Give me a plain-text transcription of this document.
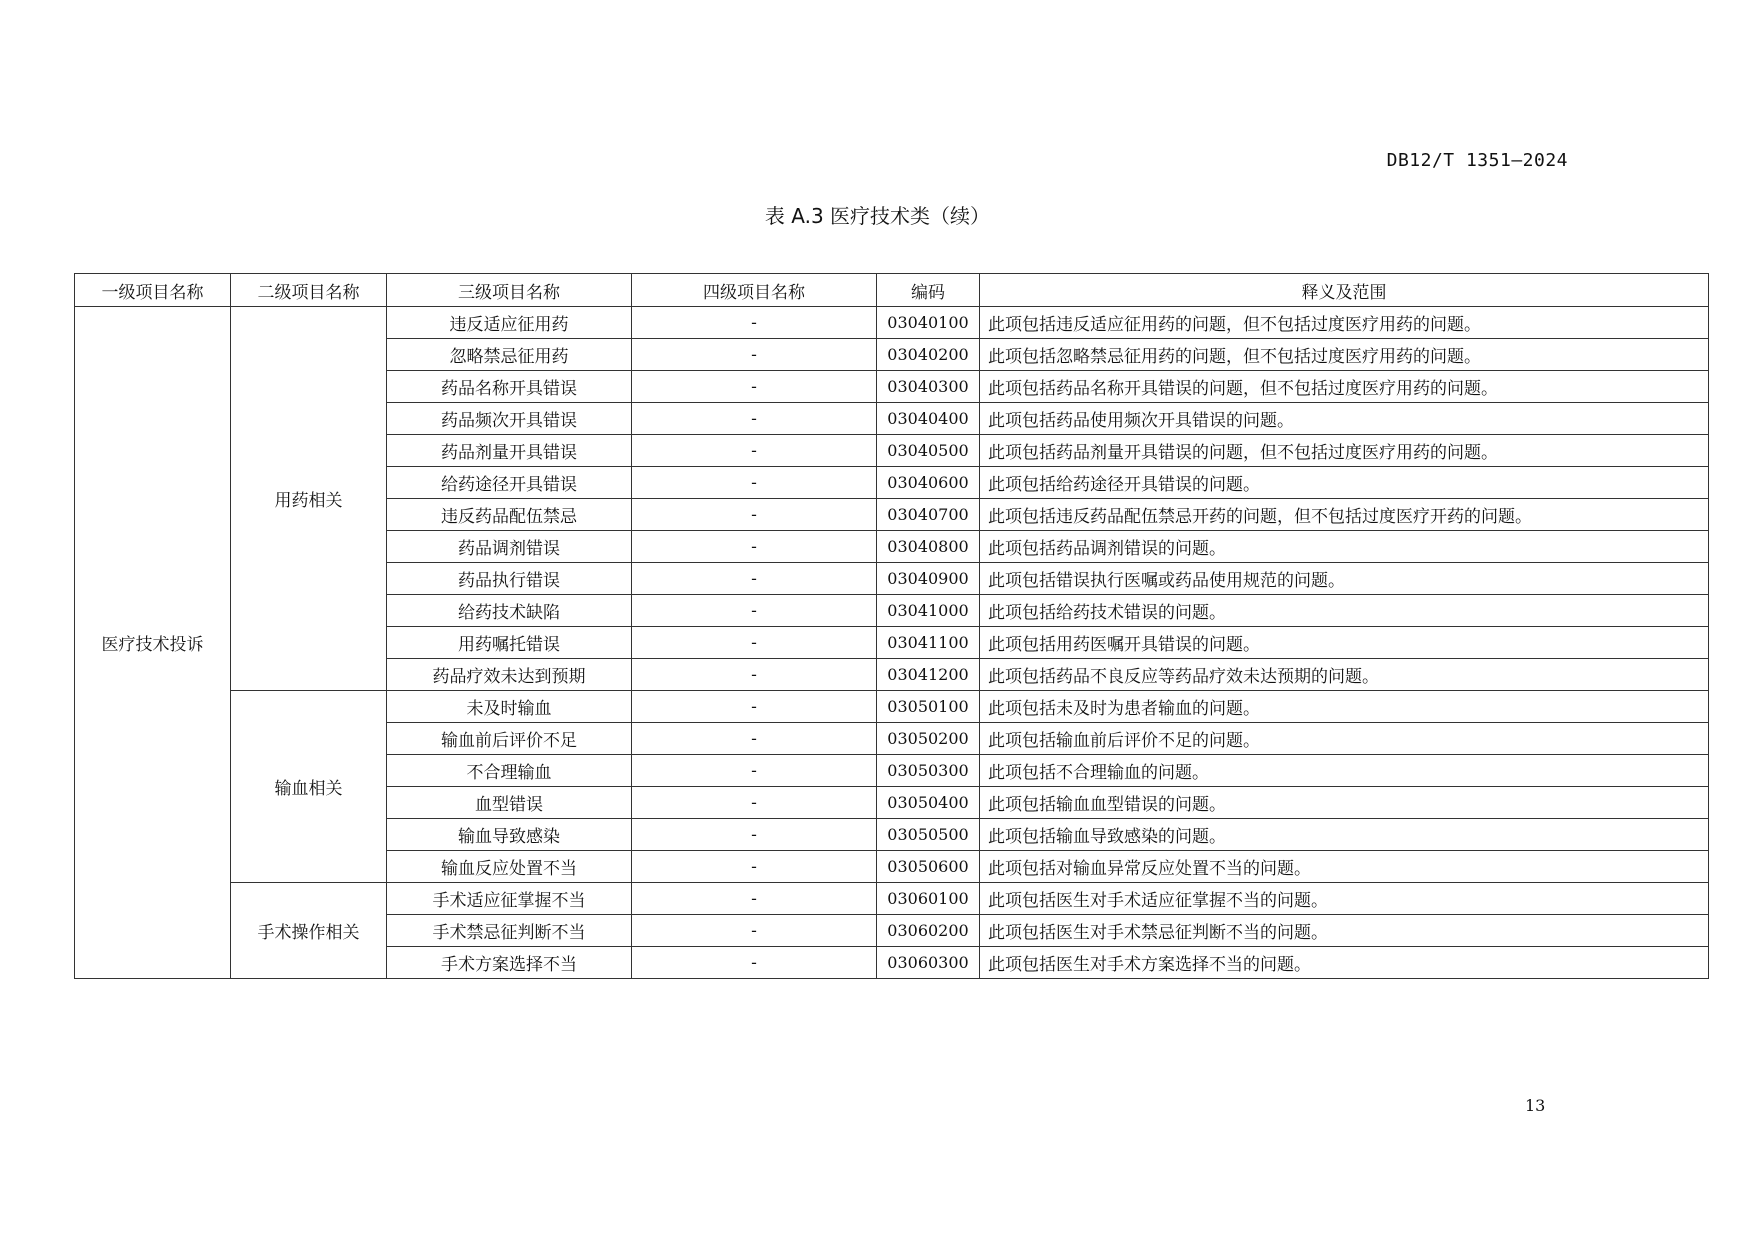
DB12/T 1351—2024
表 A.3 医疗技术类（续）
一级项目名称	二级项目名称	三级项目名称	四级项目名称	编码	释义及范围
医疗技术投诉	用药相关	违反适应征用药	-	03040100	此项包括违反适应征用药的问题，但不包括过度医疗用药的问题。
		忽略禁忌征用药	-	03040200	此项包括忽略禁忌征用药的问题，但不包括过度医疗用药的问题。
		药品名称开具错误	-	03040300	此项包括药品名称开具错误的问题，但不包括过度医疗用药的问题。
		药品频次开具错误	-	03040400	此项包括药品使用频次开具错误的问题。
		药品剂量开具错误	-	03040500	此项包括药品剂量开具错误的问题，但不包括过度医疗用药的问题。
		给药途径开具错误	-	03040600	此项包括给药途径开具错误的问题。
		违反药品配伍禁忌	-	03040700	此项包括违反药品配伍禁忌开药的问题，但不包括过度医疗开药的问题。
		药品调剂错误	-	03040800	此项包括药品调剂错误的问题。
		药品执行错误	-	03040900	此项包括错误执行医嘱或药品使用规范的问题。
		给药技术缺陷	-	03041000	此项包括给药技术错误的问题。
		用药嘱托错误	-	03041100	此项包括用药医嘱开具错误的问题。
		药品疗效未达到预期	-	03041200	此项包括药品不良反应等药品疗效未达预期的问题。
	输血相关	未及时输血	-	03050100	此项包括未及时为患者输血的问题。
		输血前后评价不足	-	03050200	此项包括输血前后评价不足的问题。
		不合理输血	-	03050300	此项包括不合理输血的问题。
		血型错误	-	03050400	此项包括输血血型错误的问题。
		输血导致感染	-	03050500	此项包括输血导致感染的问题。
		输血反应处置不当	-	03050600	此项包括对输血异常反应处置不当的问题。
	手术操作相关	手术适应征掌握不当	-	03060100	此项包括医生对手术适应征掌握不当的问题。
		手术禁忌征判断不当	-	03060200	此项包括医生对手术禁忌征判断不当的问题。
		手术方案选择不当	-	03060300	此项包括医生对手术方案选择不当的问题。
13
